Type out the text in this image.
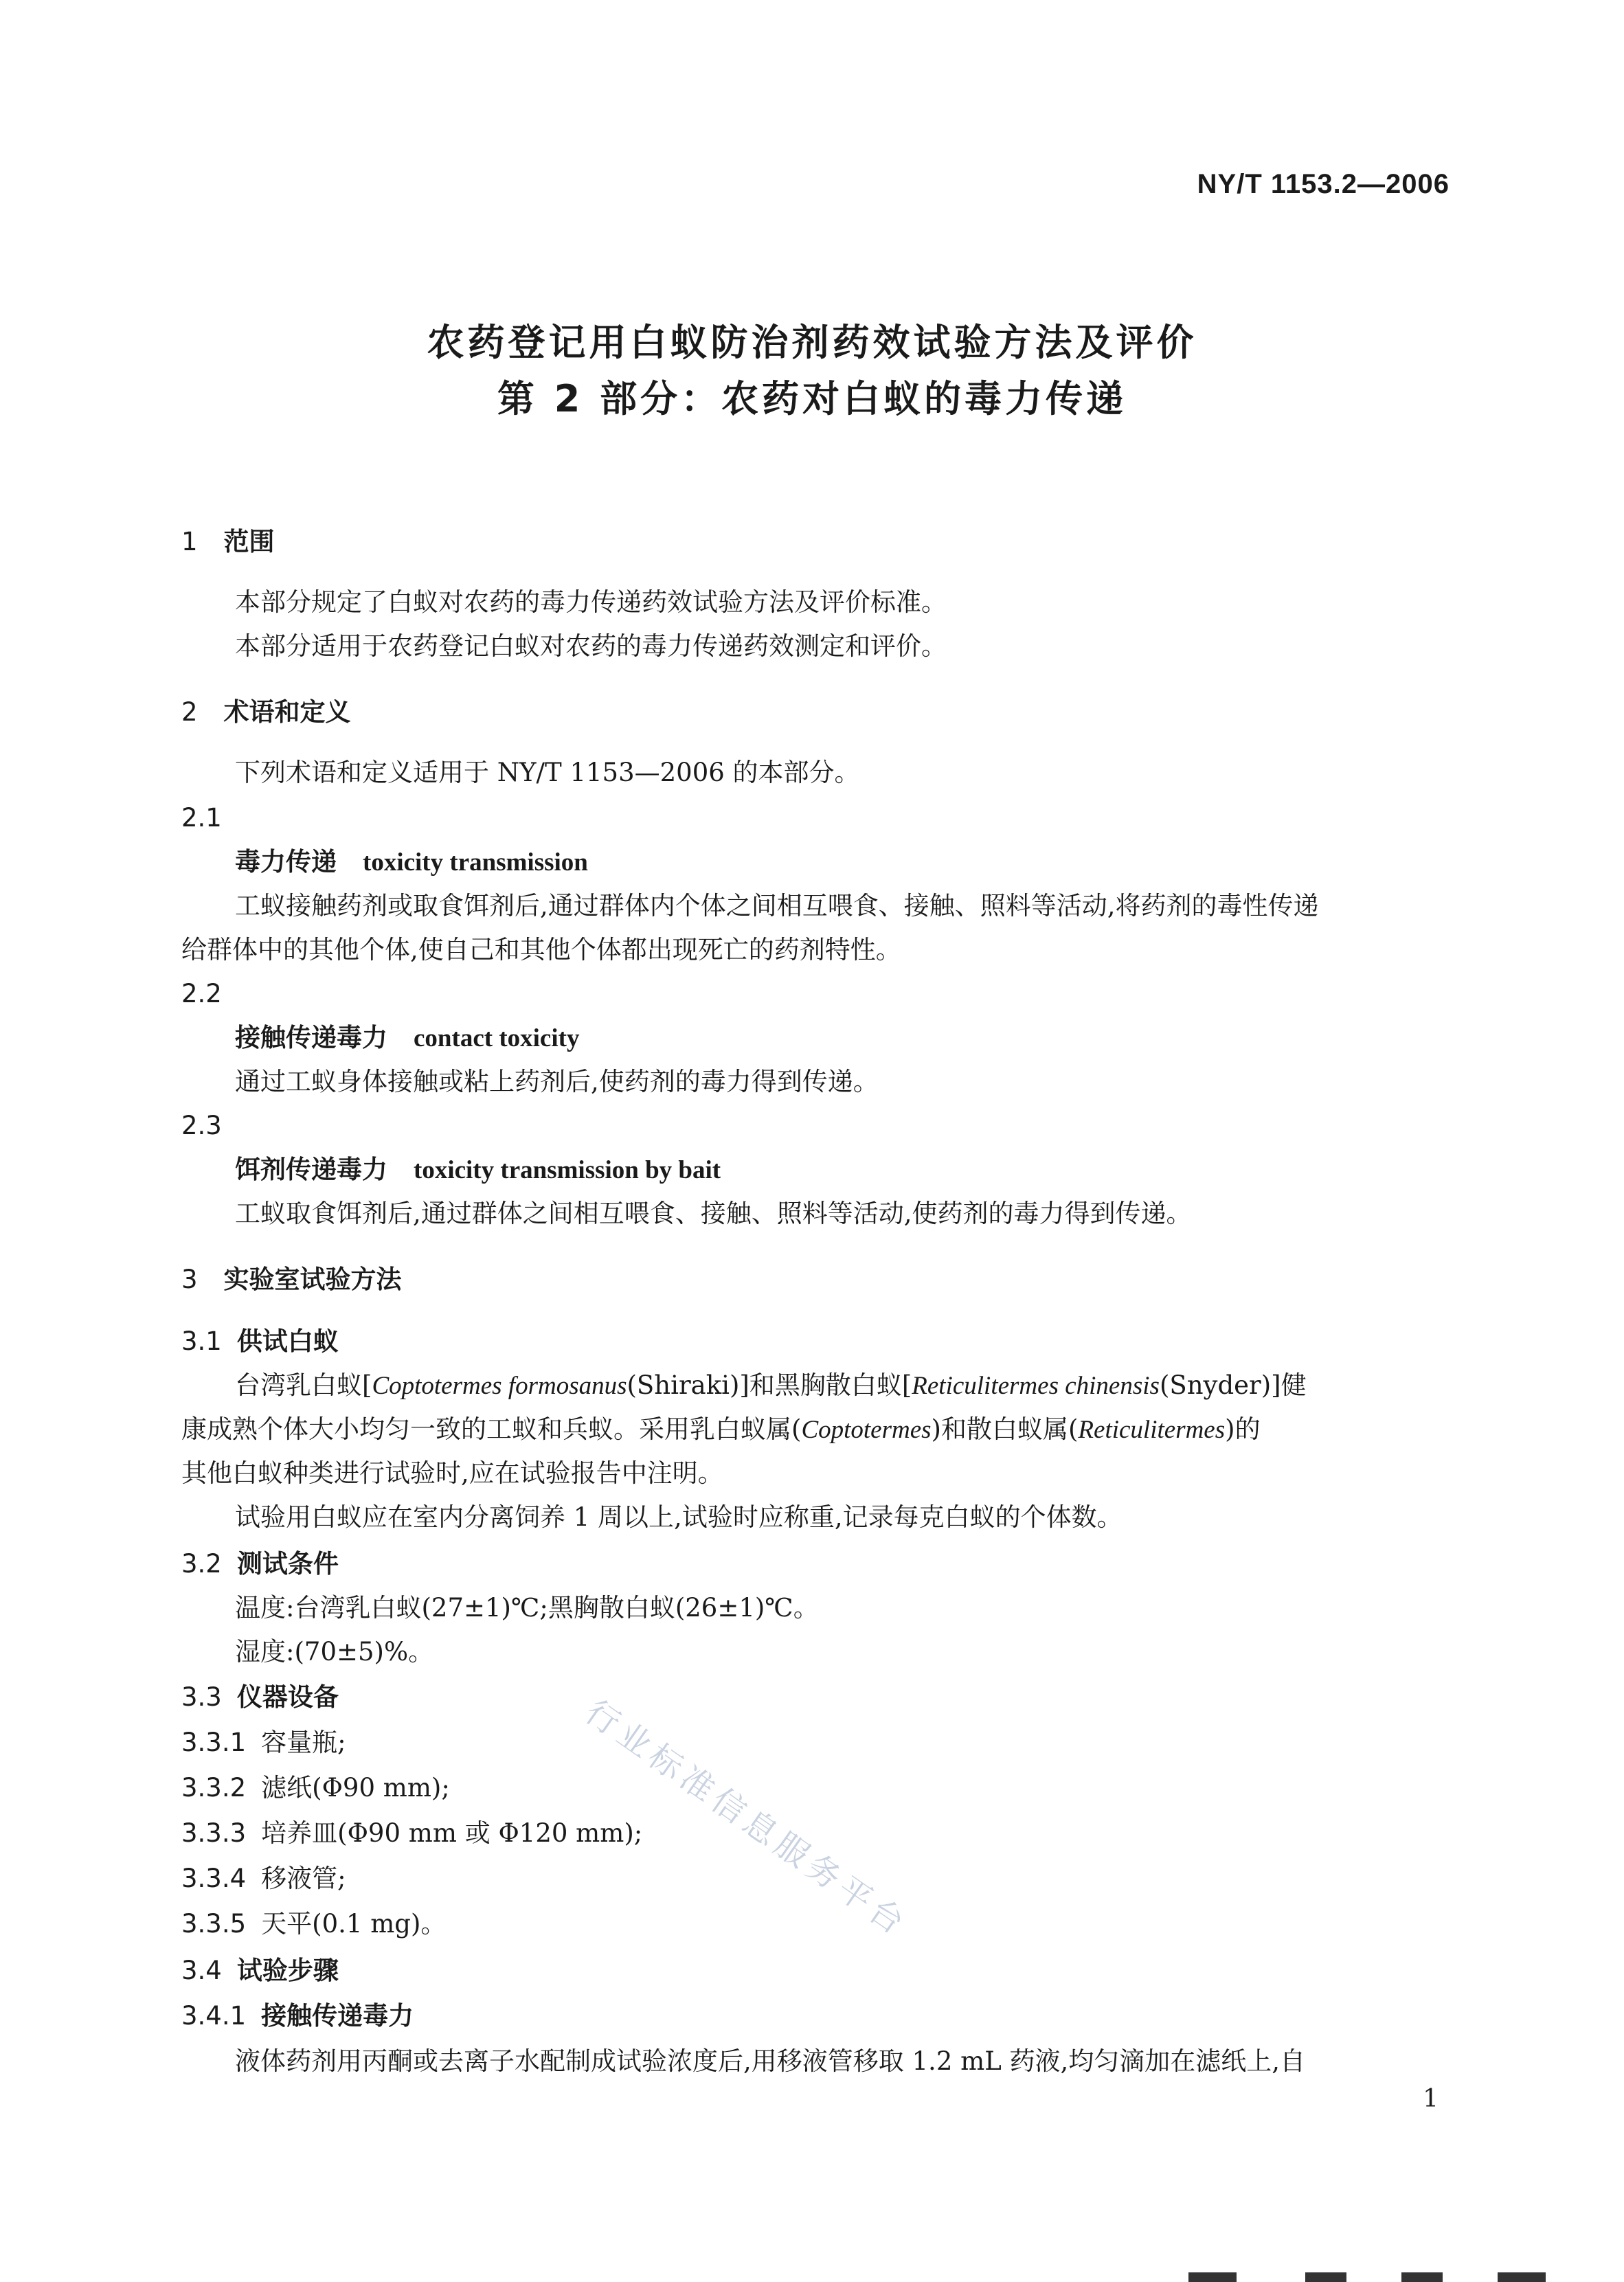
NY/T 1153.2—2006
农药登记用白蚁防治剂药效试验方法及评价
第 2 部分：农药对白蚁的毒力传递
1 范围
本部分规定了白蚁对农药的毒力传递药效试验方法及评价标准。
本部分适用于农药登记白蚁对农药的毒力传递药效测定和评价。
2 术语和定义
下列术语和定义适用于 NY/T 1153—2006 的本部分。
2.1
毒力传递 toxicity transmission
工蚁接触药剂或取食饵剂后,通过群体内个体之间相互喂食、接触、照料等活动,将药剂的毒性传递
给群体中的其他个体,使自己和其他个体都出现死亡的药剂特性。
2.2
接触传递毒力 contact toxicity
通过工蚁身体接触或粘上药剂后,使药剂的毒力得到传递。
2.3
饵剂传递毒力 toxicity transmission by bait
工蚁取食饵剂后,通过群体之间相互喂食、接触、照料等活动,使药剂的毒力得到传递。
3 实验室试验方法
3.1 供试白蚁
台湾乳白蚁[Coptotermes formosanus(Shiraki)]和黑胸散白蚁[Reticulitermes chinensis(Snyder)]健
康成熟个体大小均匀一致的工蚁和兵蚁。采用乳白蚁属(Coptotermes)和散白蚁属(Reticulitermes)的
其他白蚁种类进行试验时,应在试验报告中注明。
试验用白蚁应在室内分离饲养 1 周以上,试验时应称重,记录每克白蚁的个体数。
3.2 测试条件
温度:台湾乳白蚁(27±1)℃;黑胸散白蚁(26±1)℃。
湿度:(70±5)%。
3.3 仪器设备
3.3.1 容量瓶;
3.3.2 滤纸(Φ90 mm);
3.3.3 培养皿(Φ90 mm 或 Φ120 mm);
3.3.4 移液管;
3.3.5 天平(0.1 mg)。
3.4 试验步骤
3.4.1 接触传递毒力
液体药剂用丙酮或去离子水配制成试验浓度后,用移液管移取 1.2 mL 药液,均匀滴加在滤纸上,自
行业标准信息服务平台
1
